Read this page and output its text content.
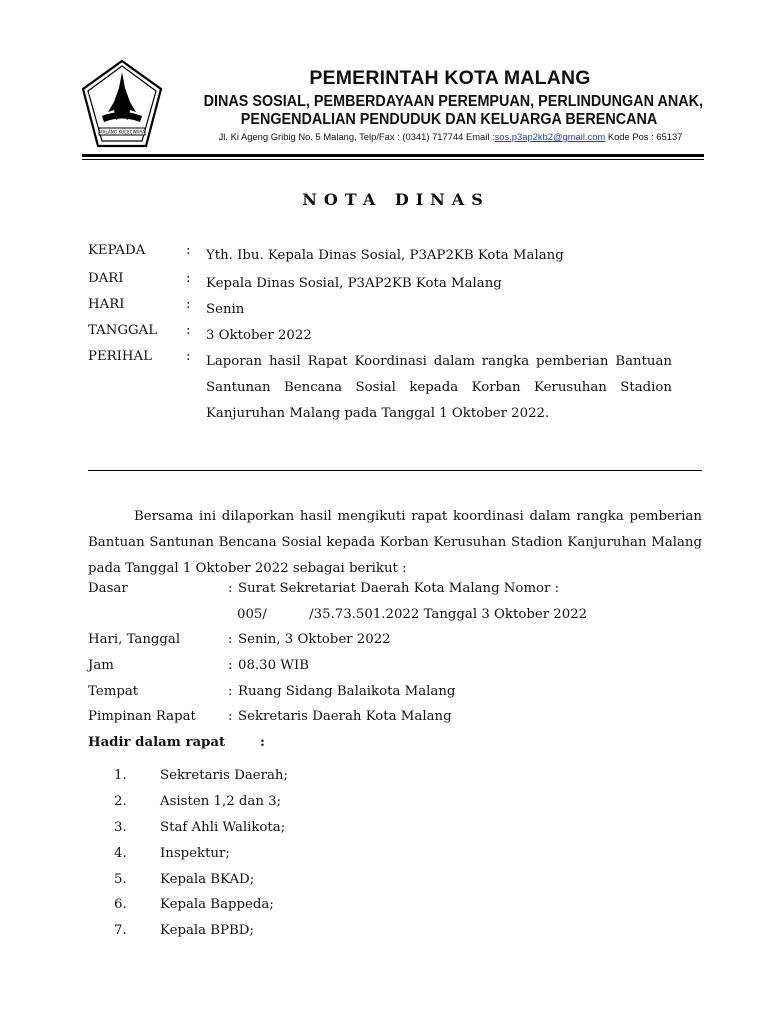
MALANG KUÇEÇWARA
PEMERINTAH KOTA MALANG
DINAS SOSIAL, PEMBERDAYAAN PEREMPUAN, PERLINDUNGAN ANAK,
PENGENDALIAN PENDUDUK DAN KELUARGA BERENCANA
Jl. Ki Ageng Gribig No. 5 Malang, Telp/Fax : (0341) 717744 Email :sos.p3ap2kb2@gmail.com Kode Pos : 65137
NOTA DINAS
KEPADA	: Yth. Ibu. Kepala Dinas Sosial, P3AP2KB Kota Malang
DARI	: Kepala Dinas Sosial, P3AP2KB Kota Malang
HARI	: Senin
TANGGAL : 3 Oktober 2022
PERIHAL	: Laporan hasil Rapat Koordinasi dalam rangka pemberian Bantuan Santunan Bencana Sosial kepada Korban Kerusuhan Stadion Kanjuruhan Malang pada Tanggal 1 Oktober 2022.
Bersama ini dilaporkan hasil mengikuti rapat koordinasi dalam rangka pemberian Bantuan Santunan Bencana Sosial kepada Korban Kerusuhan Stadion Kanjuruhan Malang pada Tanggal 1 Oktober 2022 sebagai berikut :
Dasar	: Surat Sekretariat Daerah Kota Malang Nomor :
005/          /35.73.501.2022 Tanggal 3 Oktober 2022
Hari, Tanggal	: Senin, 3 Oktober 2022
Jam	: 08.30 WIB
Tempat	: Ruang Sidang Balaikota Malang
Pimpinan Rapat : Sekretaris Daerah Kota Malang
Hadir dalam rapat	:
1.	Sekretaris Daerah;
2.	Asisten 1,2 dan 3;
3.	Staf Ahli Walikota;
4.	Inspektur;
5.	Kepala BKAD;
6.	Kepala Bappeda;
7.	Kepala BPBD;
